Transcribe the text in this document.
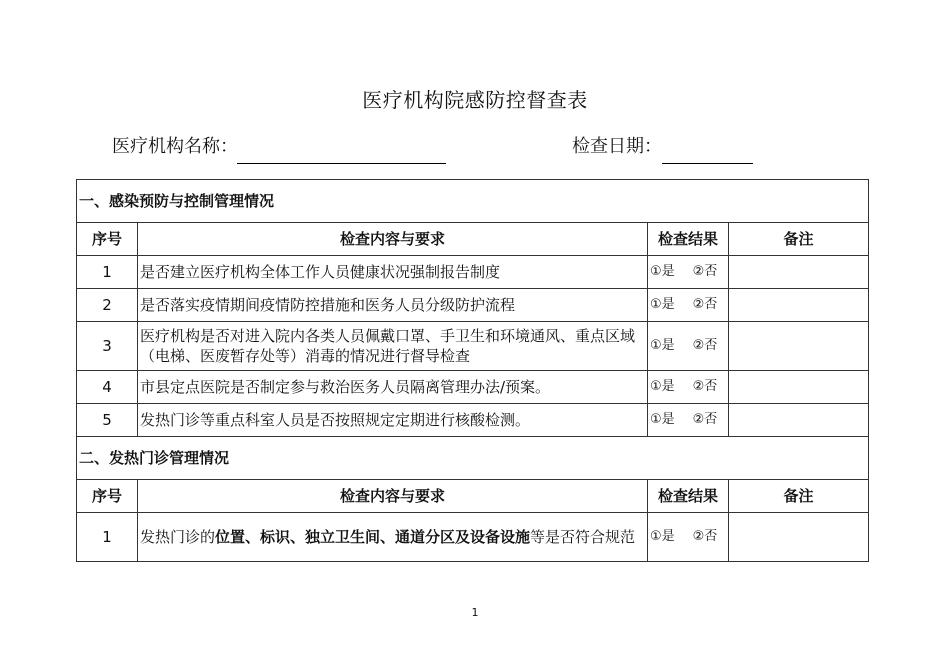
医疗机构院感防控督查表
医疗机构名称：	检查日期：
一、感染预防与控制管理情况			
序号	检查内容与要求	检查结果	备注
1	是否建立医疗机构全体工作人员健康状况强制报告制度	①是 ②否	
2	是否落实疫情期间疫情防控措施和医务人员分级防护流程	①是 ②否	
3	医疗机构是否对进入院内各类人员佩戴口罩、手卫生和环境通风、重点区域（电梯、医废暂存处等）消毒的情况进行督导检查	①是 ②否	
4	市县定点医院是否制定参与救治医务人员隔离管理办法/预案。	①是 ②否	
5	发热门诊等重点科室人员是否按照规定定期进行核酸检测。	①是 ②否	
二、发热门诊管理情况			
序号	检查内容与要求	检查结果	备注
1	发热门诊的位置、标识、独立卫生间、通道分区及设备设施等是否符合规范	①是 ②否	
1
